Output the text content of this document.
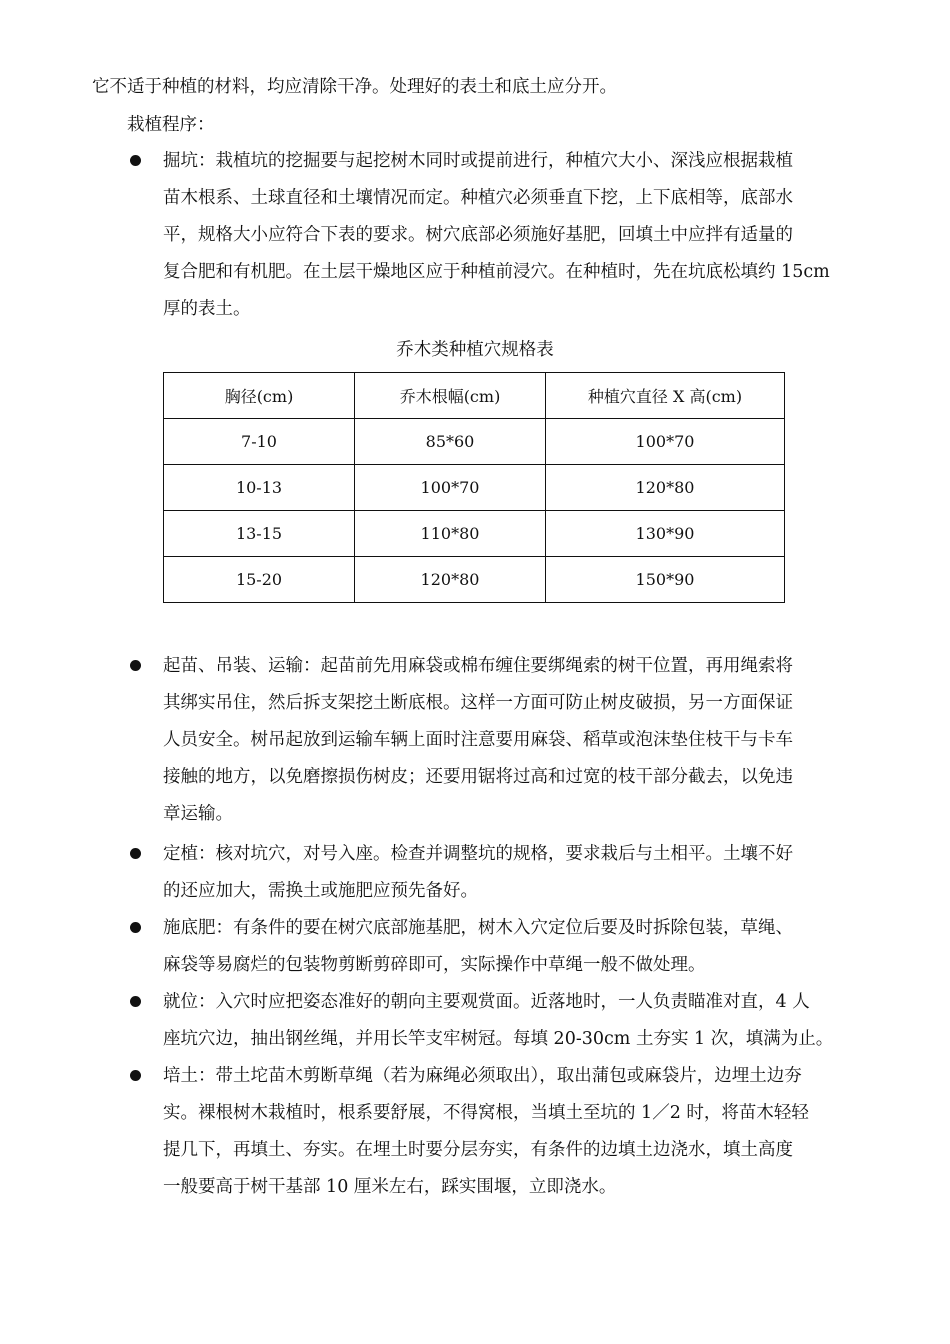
它不适于种植的材料，均应清除干净。处理好的表土和底土应分开。
栽植程序：
掘坑：栽植坑的挖掘要与起挖树木同时或提前进行，种植穴大小、深浅应根据栽植
苗木根系、土球直径和土壤情况而定。种植穴必须垂直下挖，上下底相等，底部水
平，规格大小应符合下表的要求。树穴底部必须施好基肥，回填土中应拌有适量的
复合肥和有机肥。在土层干燥地区应于种植前浸穴。在种植时，先在坑底松填约 15cm
厚的表土。
乔木类种植穴规格表
胸径(cm)	乔木根幅(cm)	种植穴直径 X 高(cm)
7-10	85*60	100*70
10-13	100*70	120*80
13-15	110*80	130*90
15-20	120*80	150*90
起苗、吊装、运输：起苗前先用麻袋或棉布缠住要绑绳索的树干位置，再用绳索将
其绑实吊住，然后拆支架挖土断底根。这样一方面可防止树皮破损，另一方面保证
人员安全。树吊起放到运输车辆上面时注意要用麻袋、稻草或泡沫垫住枝干与卡车
接触的地方，以免磨擦损伤树皮；还要用锯将过高和过宽的枝干部分截去，以免违
章运输。
定植：核对坑穴，对号入座。检查并调整坑的规格，要求栽后与土相平。土壤不好
的还应加大，需换土或施肥应预先备好。
施底肥：有条件的要在树穴底部施基肥，树木入穴定位后要及时拆除包装，草绳、
麻袋等易腐烂的包装物剪断剪碎即可，实际操作中草绳一般不做处理。
就位：入穴时应把姿态准好的朝向主要观赏面。近落地时，一人负责瞄准对直，4 人
座坑穴边，抽出钢丝绳，并用长竿支牢树冠。每填 20-30cm 土夯实 1 次，填满为止。
培土：带土坨苗木剪断草绳（若为麻绳必须取出），取出蒲包或麻袋片，边埋土边夯
实。裸根树木栽植时，根系要舒展，不得窝根，当填土至坑的 1／2 时，将苗木轻轻
提几下，再填土、夯实。在埋土时要分层夯实，有条件的边填土边浇水，填土高度
一般要高于树干基部 10 厘米左右，踩实围堰，立即浇水。
